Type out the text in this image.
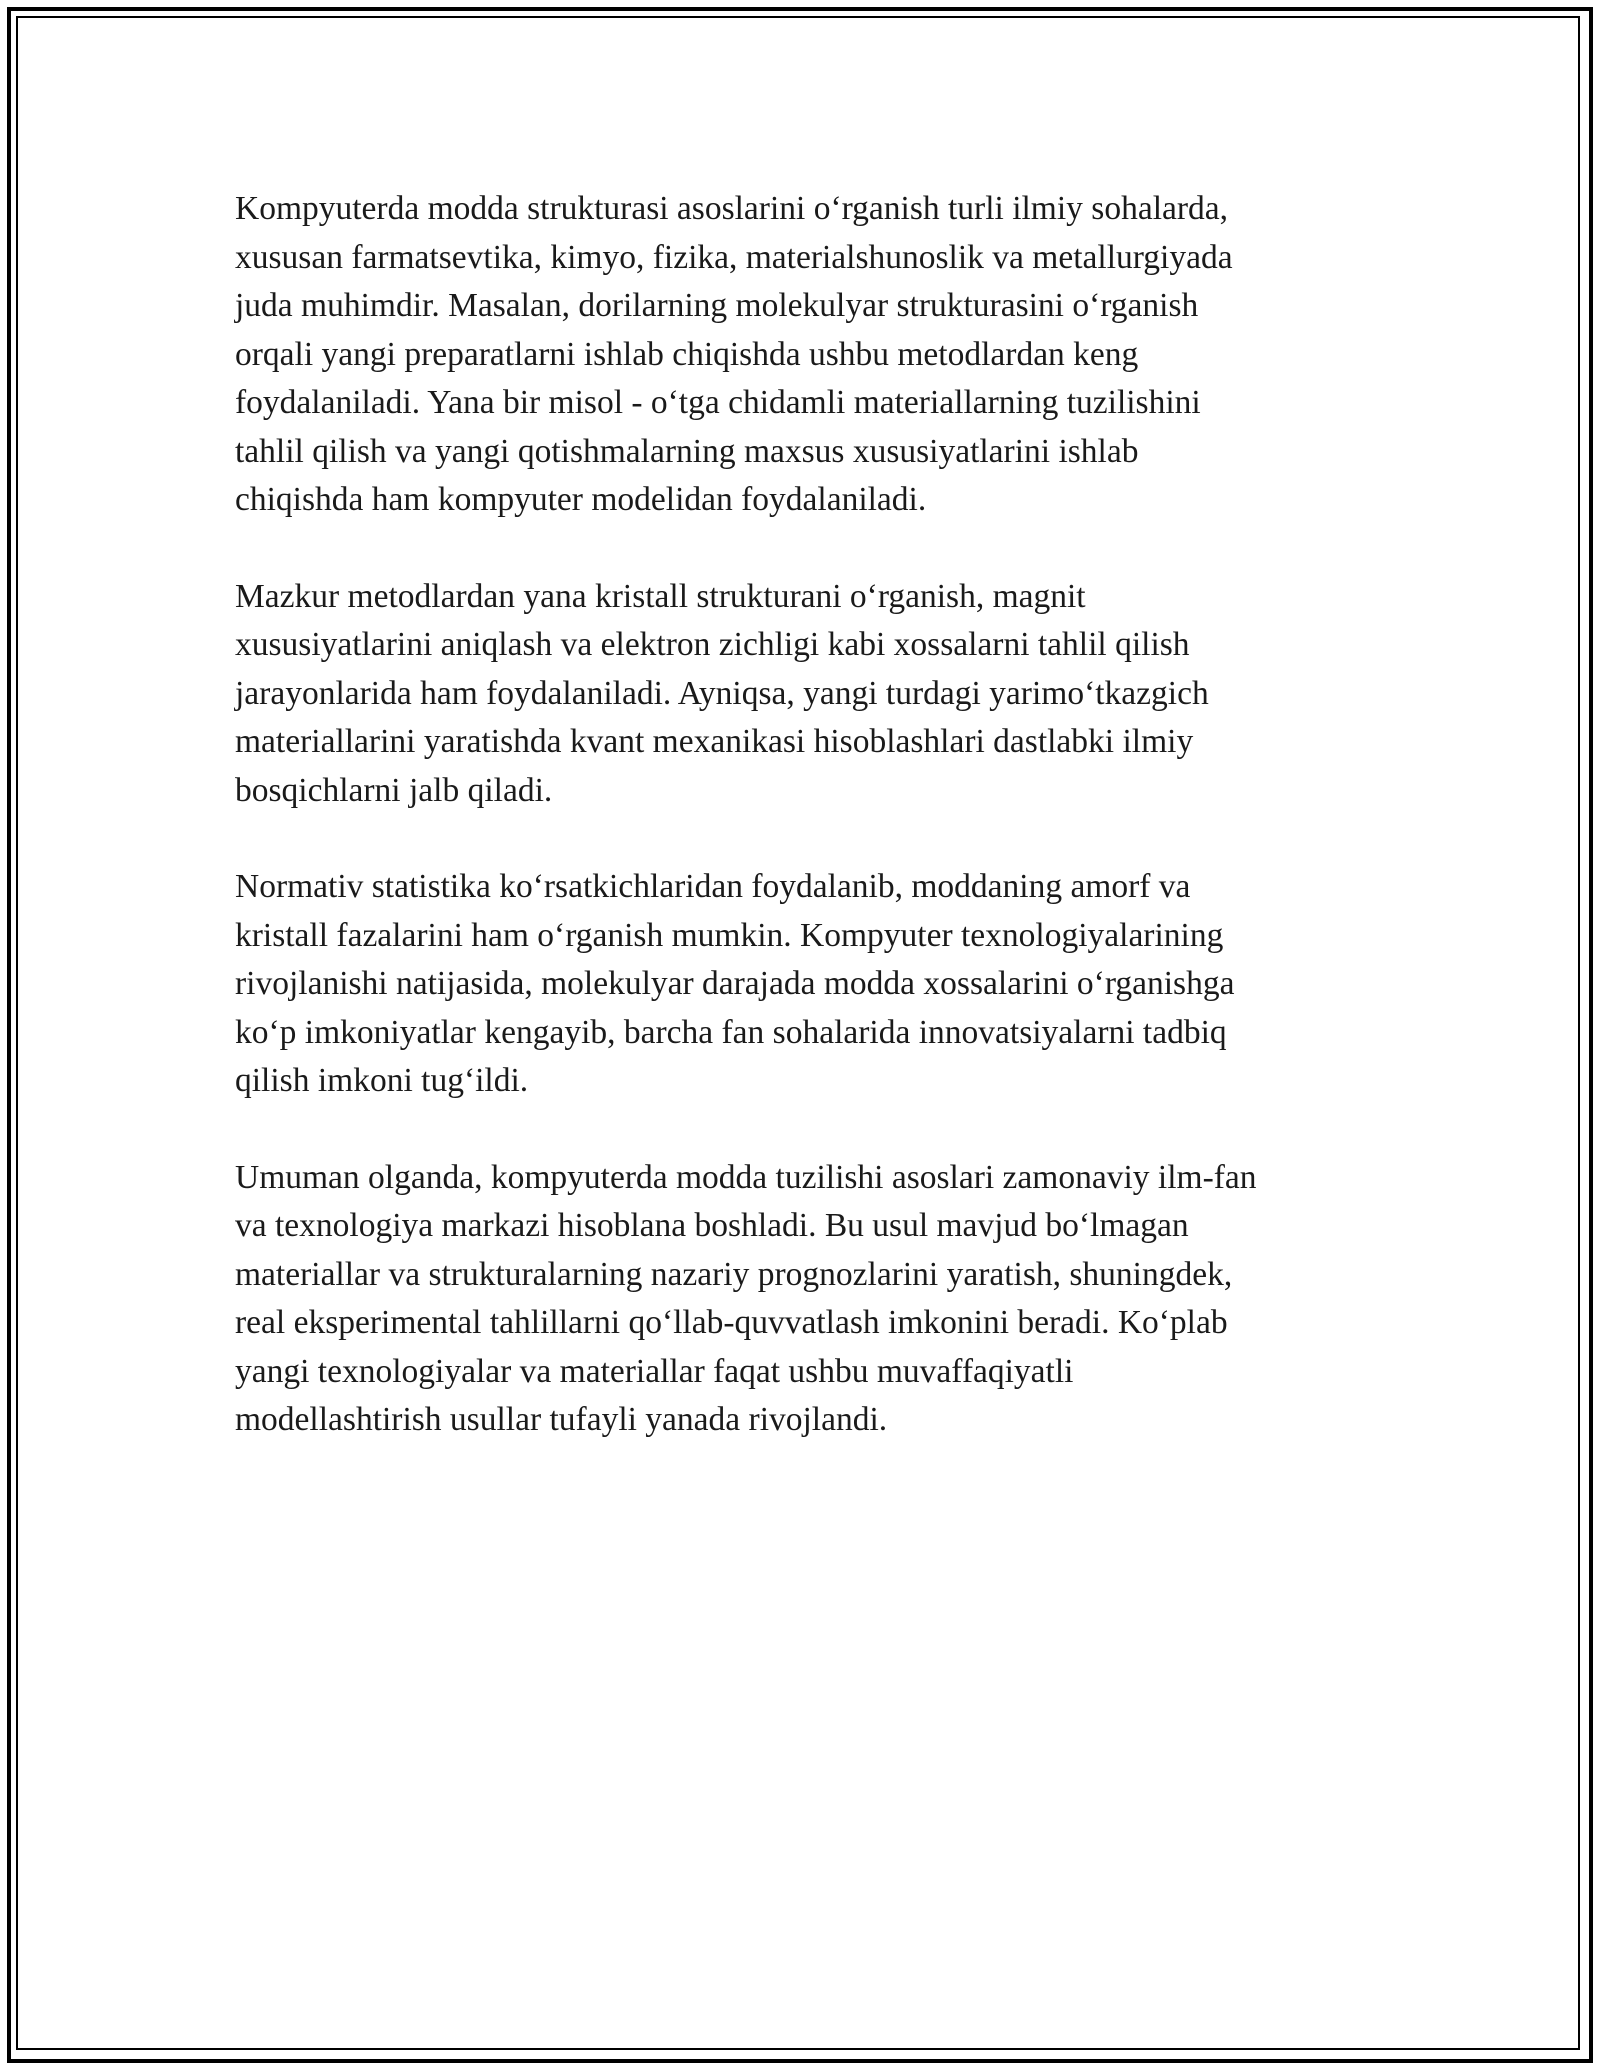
Kompyuterda modda strukturasi asoslarini o‘rganish turli ilmiy sohalarda,
xususan farmatsevtika, kimyo, fizika, materialshunoslik va metallurgiyada
juda muhimdir. Masalan, dorilarning molekulyar strukturasini o‘rganish
orqali yangi preparatlarni ishlab chiqishda ushbu metodlardan keng
foydalaniladi. Yana bir misol - o‘tga chidamli materiallarning tuzilishini
tahlil qilish va yangi qotishmalarning maxsus xususiyatlarini ishlab
chiqishda ham kompyuter modelidan foydalaniladi.

Mazkur metodlardan yana kristall strukturani o‘rganish, magnit
xususiyatlarini aniqlash va elektron zichligi kabi xossalarni tahlil qilish
jarayonlarida ham foydalaniladi. Ayniqsa, yangi turdagi yarimo‘tkazgich
materiallarini yaratishda kvant mexanikasi hisoblashlari dastlabki ilmiy
bosqichlarni jalb qiladi.

Normativ statistika ko‘rsatkichlaridan foydalanib, moddaning amorf va
kristall fazalarini ham o‘rganish mumkin. Kompyuter texnologiyalarining
rivojlanishi natijasida, molekulyar darajada modda xossalarini o‘rganishga
ko‘p imkoniyatlar kengayib, barcha fan sohalarida innovatsiyalarni tadbiq
qilish imkoni tug‘ildi.

Umuman olganda, kompyuterda modda tuzilishi asoslari zamonaviy ilm-fan
va texnologiya markazi hisoblana boshladi. Bu usul mavjud bo‘lmagan
materiallar va strukturalarning nazariy prognozlarini yaratish, shuningdek,
real eksperimental tahlillarni qo‘llab-quvvatlash imkonini beradi. Ko‘plab
yangi texnologiyalar va materiallar faqat ushbu muvaffaqiyatli
modellashtirish usullar tufayli yanada rivojlandi.
